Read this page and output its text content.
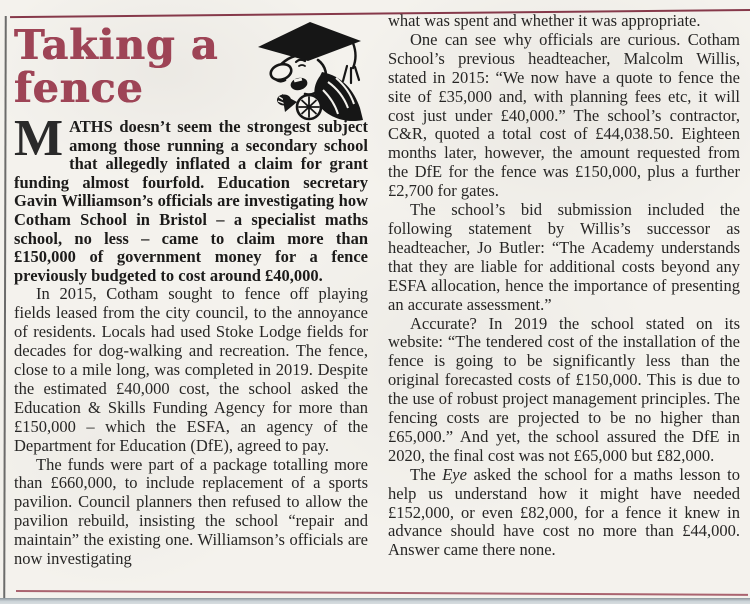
Taking a
fence

MATHS doesn’t seem the strongest subject among those running a secondary school that allegedly inflated a claim for grant funding almost fourfold. Education secretary Gavin Williamson’s officials are investigating how Cotham School in Bristol – a specialist maths school, no less – came to claim more than £150,000 of government money for a fence previously budgeted to cost around £40,000.

In 2015, Cotham sought to fence off playing fields leased from the city council, to the annoyance of residents. Locals had used Stoke Lodge fields for decades for dog-walking and recreation. The fence, close to a mile long, was completed in 2019. Despite the estimated £40,000 cost, the school asked the Education & Skills Funding Agency for more than £150,000 – which the ESFA, an agency of the Department for Education (DfE), agreed to pay.

The funds were part of a package totalling more than £660,000, to include replacement of a sports pavilion. Council planners then refused to allow the pavilion rebuild, insisting the school “repair and maintain” the existing one. Williamson’s officials are now investigating

what was spent and whether it was appropriate.

One can see why officials are curious. Cotham School’s previous headteacher, Malcolm Willis, stated in 2015: “We now have a quote to fence the site of £35,000 and, with planning fees etc, it will cost just under £40,000.” The school’s contractor, C&R, quoted a total cost of £44,038.50. Eighteen months later, however, the amount requested from the DfE for the fence was £150,000, plus a further £2,700 for gates.

The school’s bid submission included the following statement by Willis’s successor as headteacher, Jo Butler: “The Academy understands that they are liable for additional costs beyond any ESFA allocation, hence the importance of presenting an accurate assessment.”

Accurate? In 2019 the school stated on its website: “The tendered cost of the installation of the fence is going to be significantly less than the original forecasted costs of £150,000. This is due to the use of robust project management principles. The fencing costs are projected to be no higher than £65,000.” And yet, the school assured the DfE in 2020, the final cost was not £65,000 but £82,000.

The Eye asked the school for a maths lesson to help us understand how it might have needed £152,000, or even £82,000, for a fence it knew in advance should have cost no more than £44,000. Answer came there none.
